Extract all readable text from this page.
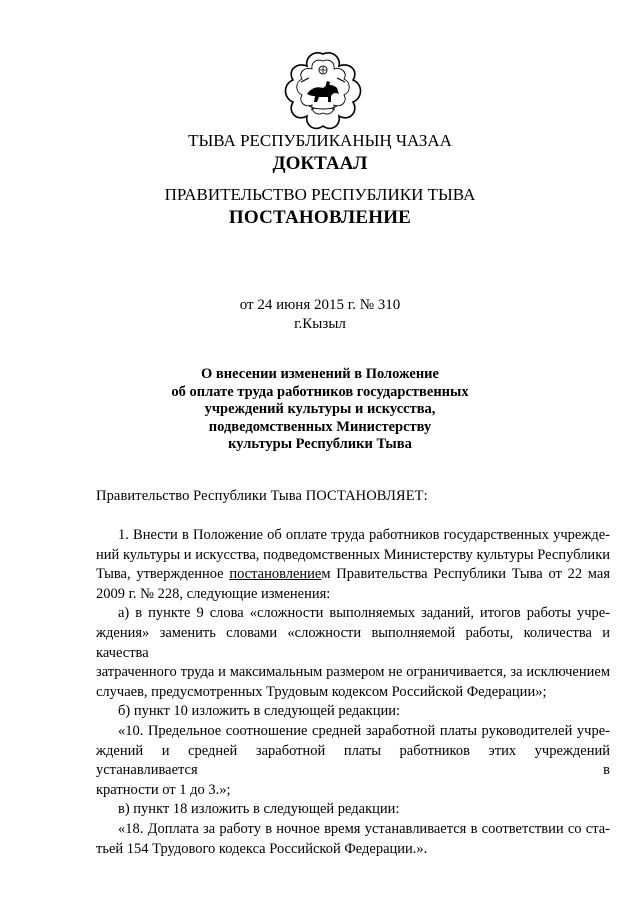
ТЫВА РЕСПУБЛИКАНЫҢ ЧАЗАА
ДОКТААЛ
ПРАВИТЕЛЬСТВО РЕСПУБЛИКИ ТЫВА
ПОСТАНОВЛЕНИЕ
от 24 июня 2015 г. № 310
г.Кызыл
О внесении изменений в Положение
об оплате труда работников государственных
учреждений культуры и искусства,
подведомственных Министерству
культуры Республики Тыва
Правительство Республики Тыва ПОСТАНОВЛЯЕТ:
1. Внести в Положение об оплате труда работников государственных учрежде-
ний культуры и искусства, подведомственных Министерству культуры Республики
Тыва, утвержденное постановлением Правительства Республики Тыва от 22 мая
2009 г. № 228, следующие изменения:
а) в пункте 9 слова «сложности выполняемых заданий, итогов работы учре-
ждения» заменить словами «сложности выполняемой работы, количества и качества
затраченного труда и максимальным размером не ограничивается, за исключением
случаев, предусмотренных Трудовым кодексом Российской Федерации»;
б) пункт 10 изложить в следующей редакции:
«10. Предельное соотношение средней заработной платы руководителей учре-
ждений и средней заработной платы работников этих учреждений устанавливается в
кратности от 1 до 3.»;
в) пункт 18 изложить в следующей редакции:
«18. Доплата за работу в ночное время устанавливается в соответствии со ста-
тьей 154 Трудового кодекса Российской Федерации.».
